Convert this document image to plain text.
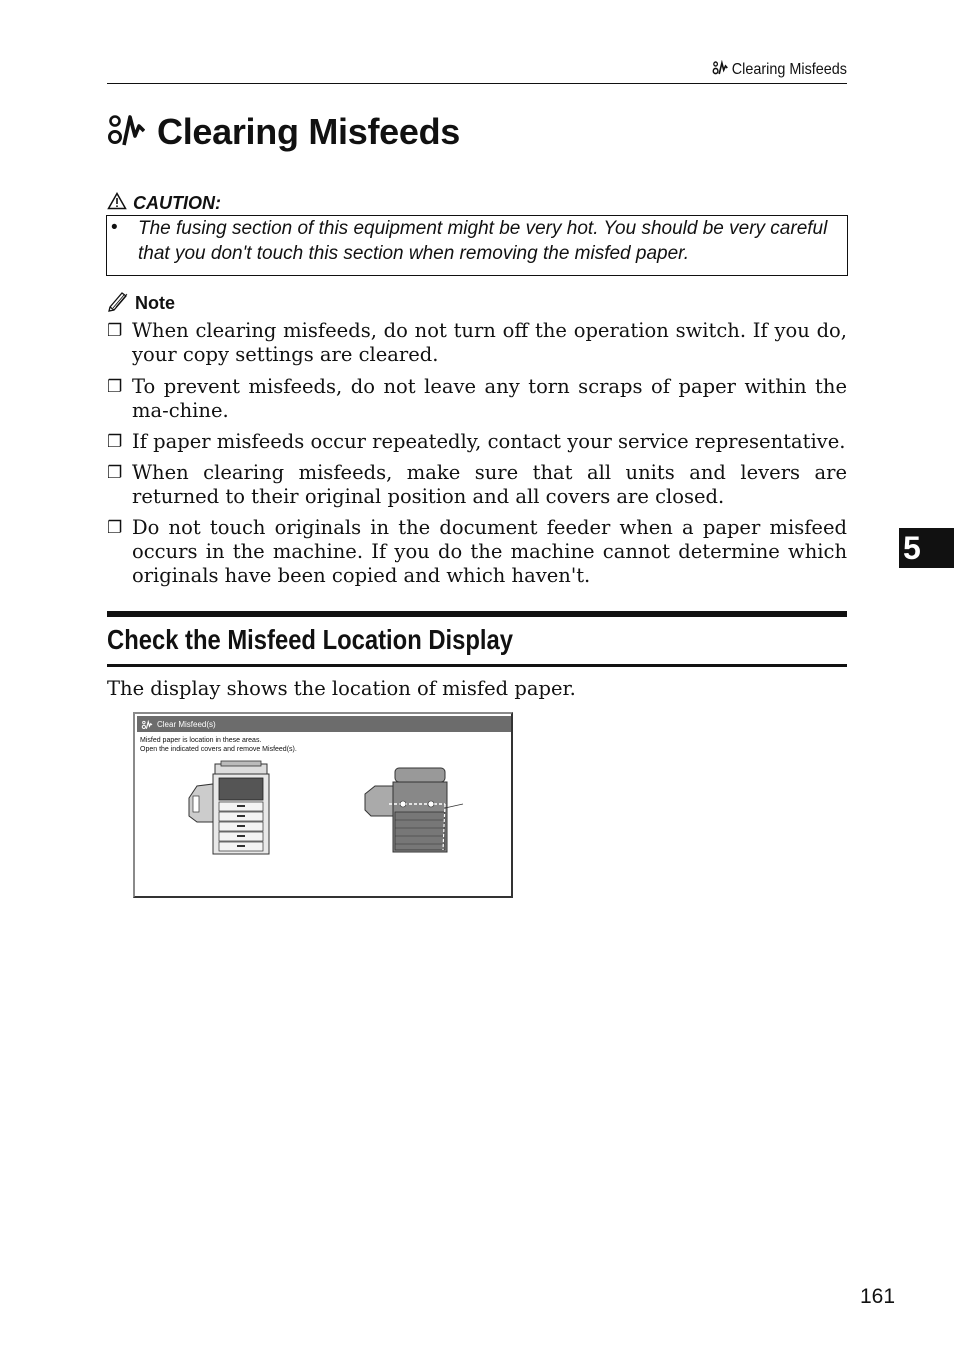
Clearing Misfeeds
Clearing Misfeeds
CAUTION:
• The fusing section of this equipment might be very hot. You should be very careful that you don't touch this section when removing the misfed paper.
Note
❐ When clearing misfeeds, do not turn off the operation switch. If you do, your copy settings are cleared.
❐ To prevent misfeeds, do not leave any torn scraps of paper within the ma-chine.
❐ If paper misfeeds occur repeatedly, contact your service representative.
❐ When clearing misfeeds, make sure that all units and levers are returned to their original position and all covers are closed.
❐ Do not touch originals in the document feeder when a paper misfeed occurs in the machine. If you do the machine cannot determine which originals have been copied and which haven't.
5
Check the Misfeed Location Display
The display shows the location of misfed paper.
Clear Misfeed(s)
Misfed paper is location in these areas.
Open the indicated covers and remove Misfeed(s).
161
